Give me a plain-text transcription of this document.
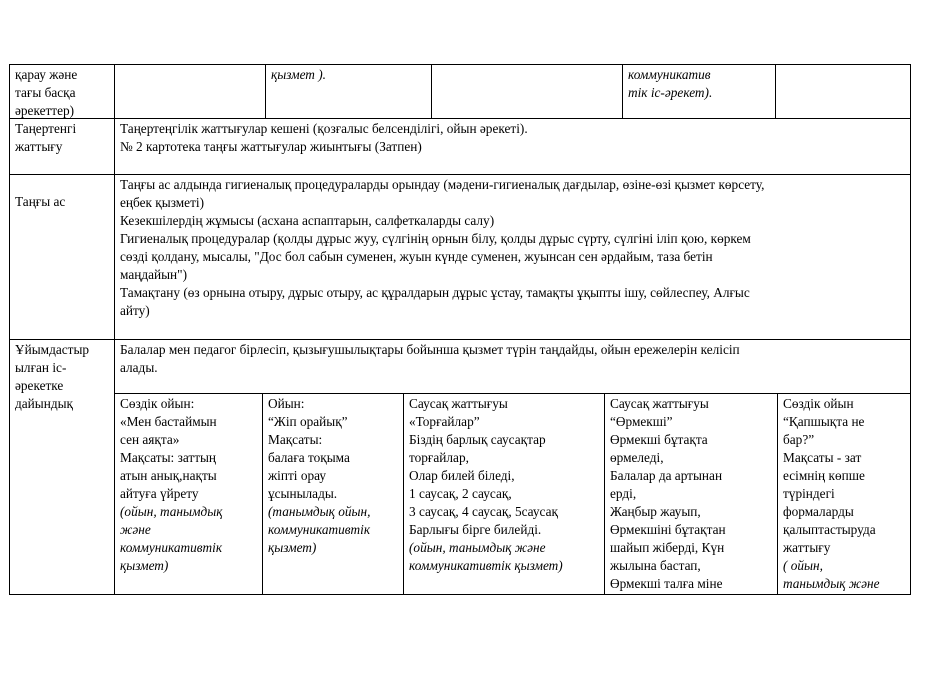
қарау және
тағы басқа
әрекеттер)
қызмет ).	коммуникатив
тік іс-әрекет).
Таңертенгі
жаттығу
Таңертеңгілік жаттығулар кешені (қозғалыс белсенділігі, ойын әрекеті).
№ 2 картотека таңғы жаттығулар жиынтығы (Затпен)
Таңғы ас
Таңғы ас алдында гигиеналық процедураларды орындау (мәдени-гигиеналық дағдылар, өзіне-өзі қызмет көрсету,
еңбек қызметі)
Кезекшілердің жұмысы (асхана аспаптарын, салфеткаларды салу)
Гигиеналық процедуралар (қолды дұрыс жуу, сүлгінің орнын білу, қолды дұрыс сүрту, сүлгіні іліп қою, көркем
сөзді қолдану, мысалы, "Дос бол сабын суменен, жуын күнде суменен, жуынсан сен әрдайым, таза бетін
маңдайын")
Тамақтану (өз орнына отыру, дұрыс отыру, ас құралдарын дұрыс ұстау, тамақты ұқыпты ішу, сөйлеспеу, Алғыс
айту)
Ұйымдастыр
ылған іс-
әрекетке
дайындық
Балалар мен педагог бірлесіп, қызығушылықтары бойынша қызмет түрін таңдайды, ойын ережелерін келісіп
алады.
Сөздік ойын:
«Мен бастаймын
сен аяқта»
Мақсаты: заттың
атын анық,нақты
айтуға үйрету
(ойын, танымдық
және
коммуникативтік
қызмет)
Ойын:
“Жіп орайық”
Мақсаты:
балаға тоқыма
жіпті орау
ұсынылады.
(танымдық ойын,
коммуникативтік
қызмет)
Саусақ жаттығуы
«Торғайлар”
Біздің барлық саусақтар
торғайлар,
Олар билей біледі,
1 саусақ, 2 саусақ,
3 саусақ, 4 саусақ, 5саусақ
Барлығы бірге билейді.
(ойын, танымдық және
коммуникативтік қызмет)
Саусақ жаттығуы
“Өрмекші”
Өрмекші бұтақта
өрмеледі,
Балалар да артынан
ерді,
Жаңбыр жауып,
Өрмекшіні бұтақтан
шайып жіберді, Күн
жылына бастап,
Өрмекші талға міне
Сөздік ойын
“Қапшықта не
бар?”
Мақсаты - зат
есімнің көпше
түріндегі
формаларды
қалыптастыруда
жаттығу
( ойын,
танымдық және
